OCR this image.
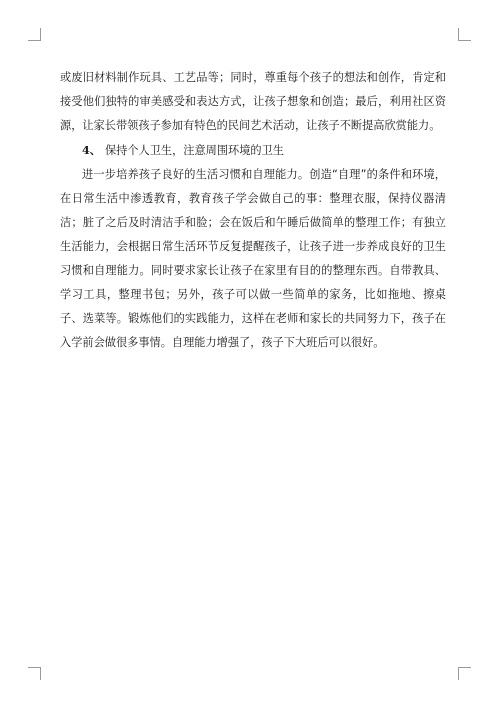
或废旧材料制作玩具、工艺品等；同时，尊重每个孩子的想法和创作，肯定和接受他们独特的审美感受和表达方式，让孩子想象和创造；最后，利用社区资源，让家长带领孩子参加有特色的民间艺术活动，让孩子不断提高欣赏能力。

4、 保持个人卫生，注意周围环境的卫生

进一步培养孩子良好的生活习惯和自理能力。创造“自理”的条件和环境，在日常生活中渗透教育，教育孩子学会做自己的事：整理衣服，保持仪器清洁；脏了之后及时清洁手和脸；会在饭后和午睡后做简单的整理工作；有独立生活能力，会根据日常生活环节反复提醒孩子，让孩子进一步养成良好的卫生习惯和自理能力。同时要求家长让孩子在家里有目的的整理东西。自带教具、学习工具，整理书包；另外，孩子可以做一些简单的家务，比如拖地、擦桌子、选菜等。锻炼他们的实践能力，这样在老师和家长的共同努力下，孩子在入学前会做很多事情。自理能力增强了，孩子下大班后可以很好。
